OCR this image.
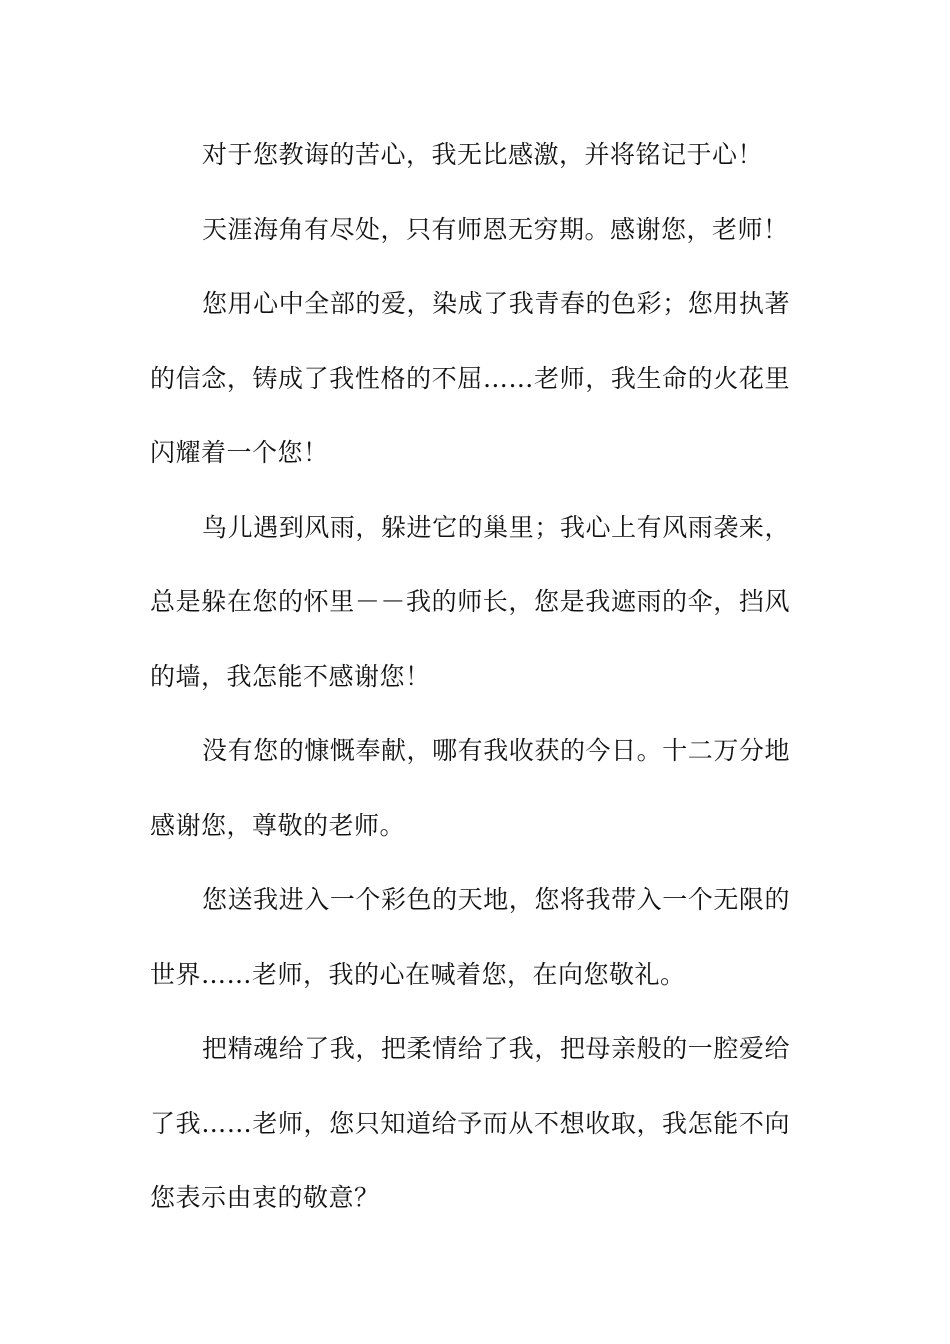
对于您教诲的苦心，我无比感激，并将铭记于心！

天涯海角有尽处，只有师恩无穷期。感谢您，老师！

您用心中全部的爱，染成了我青春的色彩；您用执著
的信念，铸成了我性格的不屈……老师，我生命的火花里
闪耀着一个您！

鸟儿遇到风雨，躲进它的巢里；我心上有风雨袭来，
总是躲在您的怀里－－我的师长，您是我遮雨的伞，挡风
的墙，我怎能不感谢您！

没有您的慷慨奉献，哪有我收获的今日。十二万分地
感谢您，尊敬的老师。

您送我进入一个彩色的天地，您将我带入一个无限的
世界……老师，我的心在喊着您，在向您敬礼。

把精魂给了我，把柔情给了我，把母亲般的一腔爱给
了我……老师，您只知道给予而从不想收取，我怎能不向
您表示由衷的敬意？
